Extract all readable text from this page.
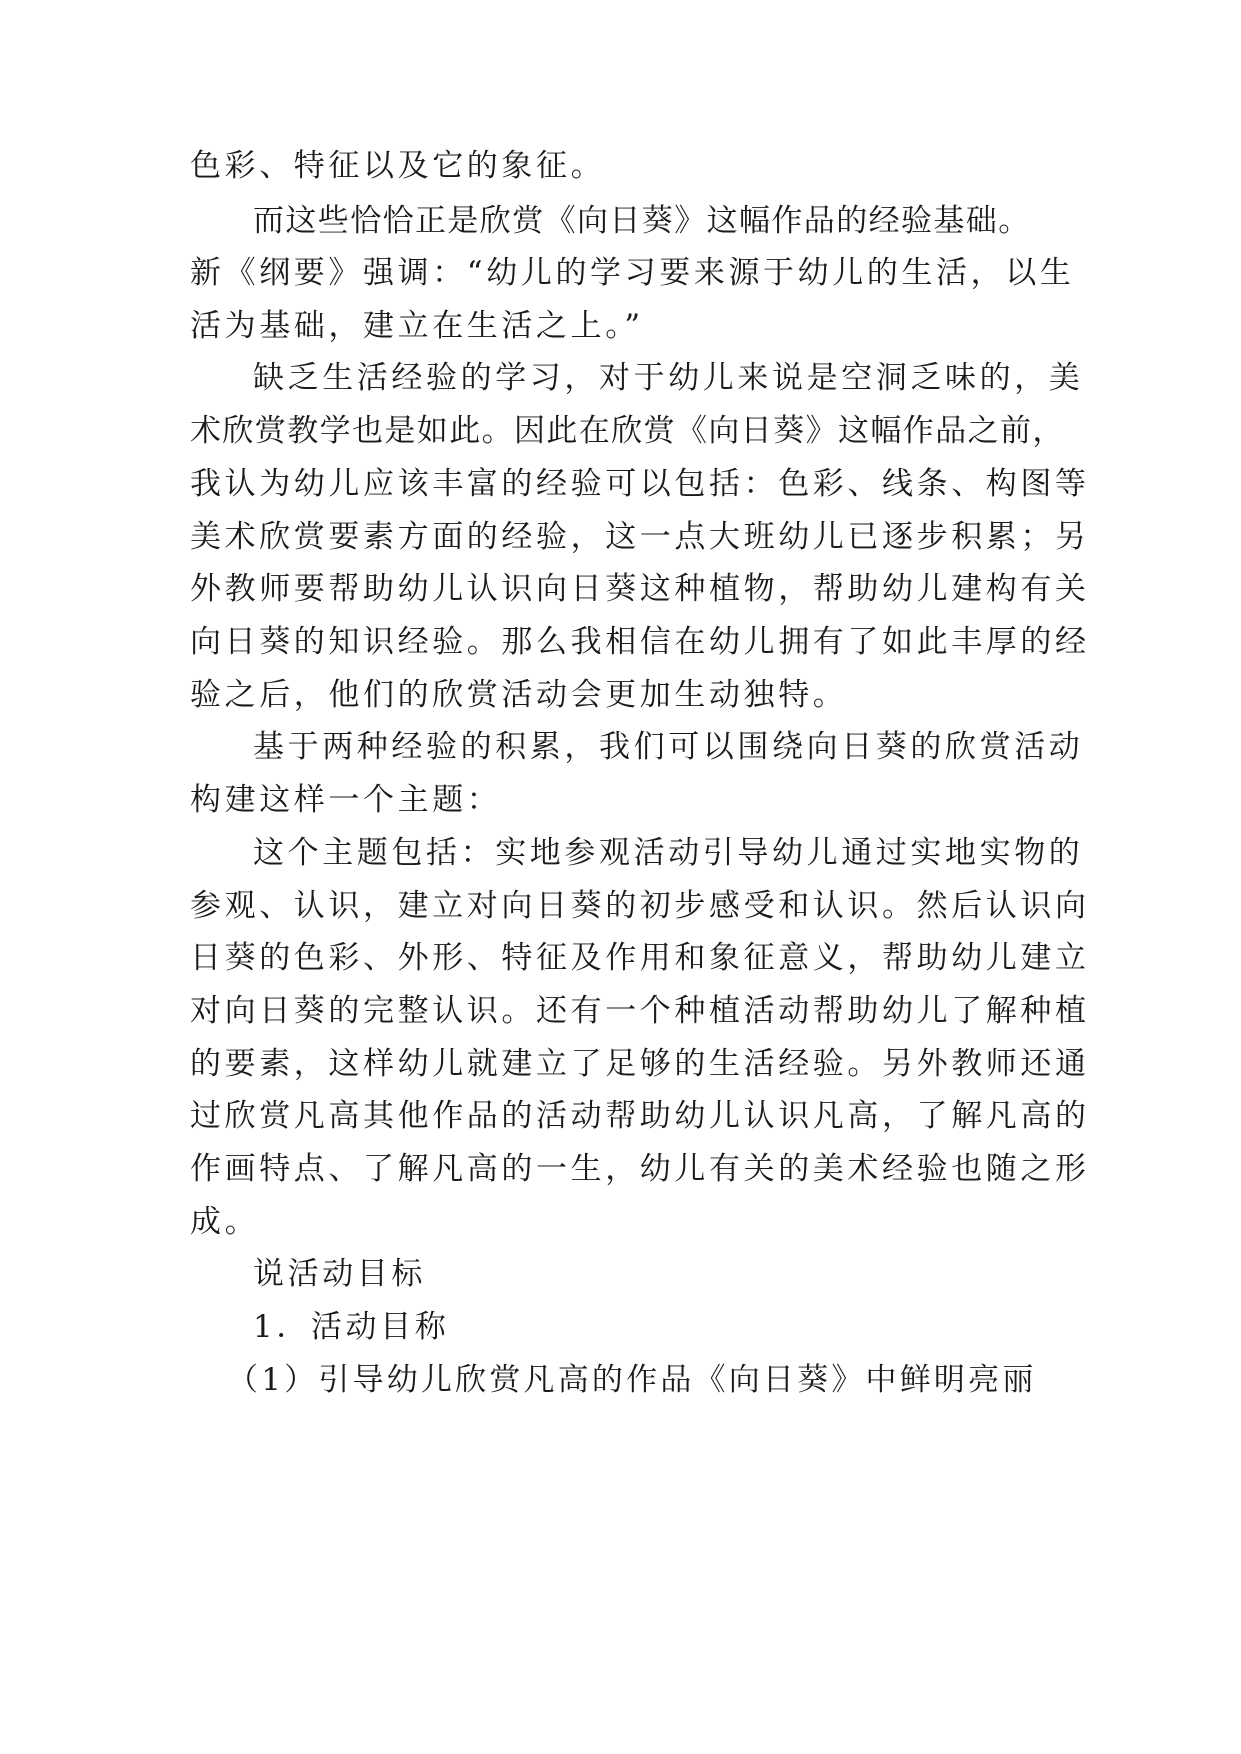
色彩、特征以及它的象征。
而这些恰恰正是欣赏《向日葵》这幅作品的经验基础。
新《纲要》强调：“幼儿的学习要来源于幼儿的生活，以生
活为基础，建立在生活之上。”
缺乏生活经验的学习，对于幼儿来说是空洞乏味的，美
术欣赏教学也是如此。因此在欣赏《向日葵》这幅作品之前，
我认为幼儿应该丰富的经验可以包括：色彩、线条、构图等
美术欣赏要素方面的经验，这一点大班幼儿已逐步积累；另
外教师要帮助幼儿认识向日葵这种植物，帮助幼儿建构有关
向日葵的知识经验。那么我相信在幼儿拥有了如此丰厚的经
验之后，他们的欣赏活动会更加生动独特。
基于两种经验的积累，我们可以围绕向日葵的欣赏活动
构建这样一个主题：
这个主题包括：实地参观活动引导幼儿通过实地实物的
参观、认识，建立对向日葵的初步感受和认识。然后认识向
日葵的色彩、外形、特征及作用和象征意义，帮助幼儿建立
对向日葵的完整认识。还有一个种植活动帮助幼儿了解种植
的要素，这样幼儿就建立了足够的生活经验。另外教师还通
过欣赏凡高其他作品的活动帮助幼儿认识凡高，了解凡高的
作画特点、了解凡高的一生，幼儿有关的美术经验也随之形
成。
说活动目标
1．活动目称
（1）引导幼儿欣赏凡高的作品《向日葵》中鲜明亮丽
